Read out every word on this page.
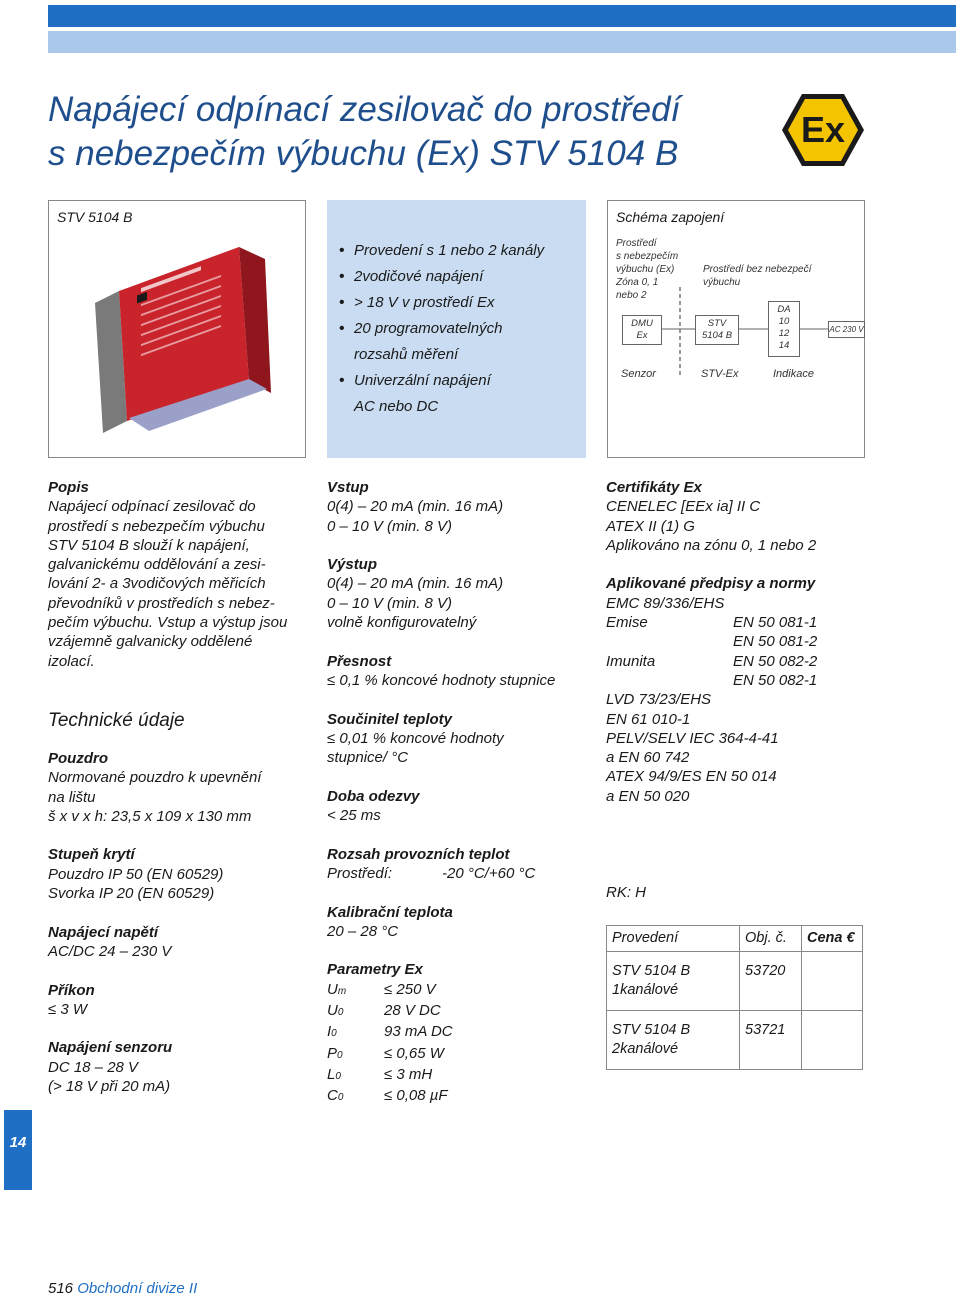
Napájecí odpínací zesilovač do prostředí
s nebezpečím výbuchu (Ex) STV 5104 B
Ex
STV 5104 B
• Provedení s 1 nebo 2 kanály
• 2vodičové napájení
• > 18 V v prostředí Ex
• 20 programovatelných
rozsahů měření
• Univerzální napájení
AC nebo DC
Schéma zapojení
Prostředí
s nebezpečím
výbuchu (Ex)
Zóna 0, 1
nebo 2
Prostředí bez nebezpečí
výbuchu
DMU
Ex
STV
5104 B
DA
10
12
14
AC 230 V
Senzor	STV-Ex	Indikace
Popis
Napájecí odpínací zesilovač do
prostředí s nebezpečím výbuchu
STV 5104 B slouží k napájení,
galvanickému oddělování a zesi-
lování 2- a 3vodičových měřicích
převodníků v prostředích s nebez-
pečím výbuchu. Vstup a výstup jsou
vzájemně galvanicky oddělené
izolací.
Technické údaje
Pouzdro
Normované pouzdro k upevnění
na lištu
š x v x h: 23,5 x 109 x 130 mm
Stupeň krytí
Pouzdro IP 50 (EN 60529)
Svorka IP 20 (EN 60529)
Napájecí napětí
AC/DC 24 – 230 V
Příkon
≤ 3 W
Napájení senzoru
DC 18 – 28 V
(> 18 V při 20 mA)
Vstup
0(4) – 20 mA (min. 16 mA)
0 – 10 V (min. 8 V)
Výstup
0(4) – 20 mA (min. 16 mA)
0 – 10 V (min. 8 V)
volně konfigurovatelný
Přesnost
≤ 0,1 % koncové hodnoty stupnice
Součinitel teploty
≤ 0,01 % koncové hodnoty
stupnice/ °C
Doba odezvy
< 25 ms
Rozsah provozních teplot
Prostředí:	-20 °C/+60 °C
Kalibrační teplota
20 – 28 °C
Parametry Ex
Um	≤ 250 V
U0	28 V DC
I0	93 mA DC
P0	≤ 0,65 W
L0	≤ 3 mH
C0	≤ 0,08 µF
Certifikáty Ex
CENELEC [EEx ia] II C
ATEX II (1) G
Aplikováno na zónu 0, 1 nebo 2
Aplikované předpisy a normy
EMC 89/336/EHS
Emise	EN 50 081-1
EN 50 081-2
Imunita	EN 50 082-2
EN 50 082-1
LVD 73/23/EHS
EN 61 010-1
PELV/SELV IEC 364-4-41
a EN 60 742
ATEX 94/9/ES EN 50 014
a EN 50 020
RK: H
Provedení	Obj. č.	Cena €

STV 5104 B
1kanálové	53720	

STV 5104 B
2kanálové	53721	
14
516 Obchodní divize II
